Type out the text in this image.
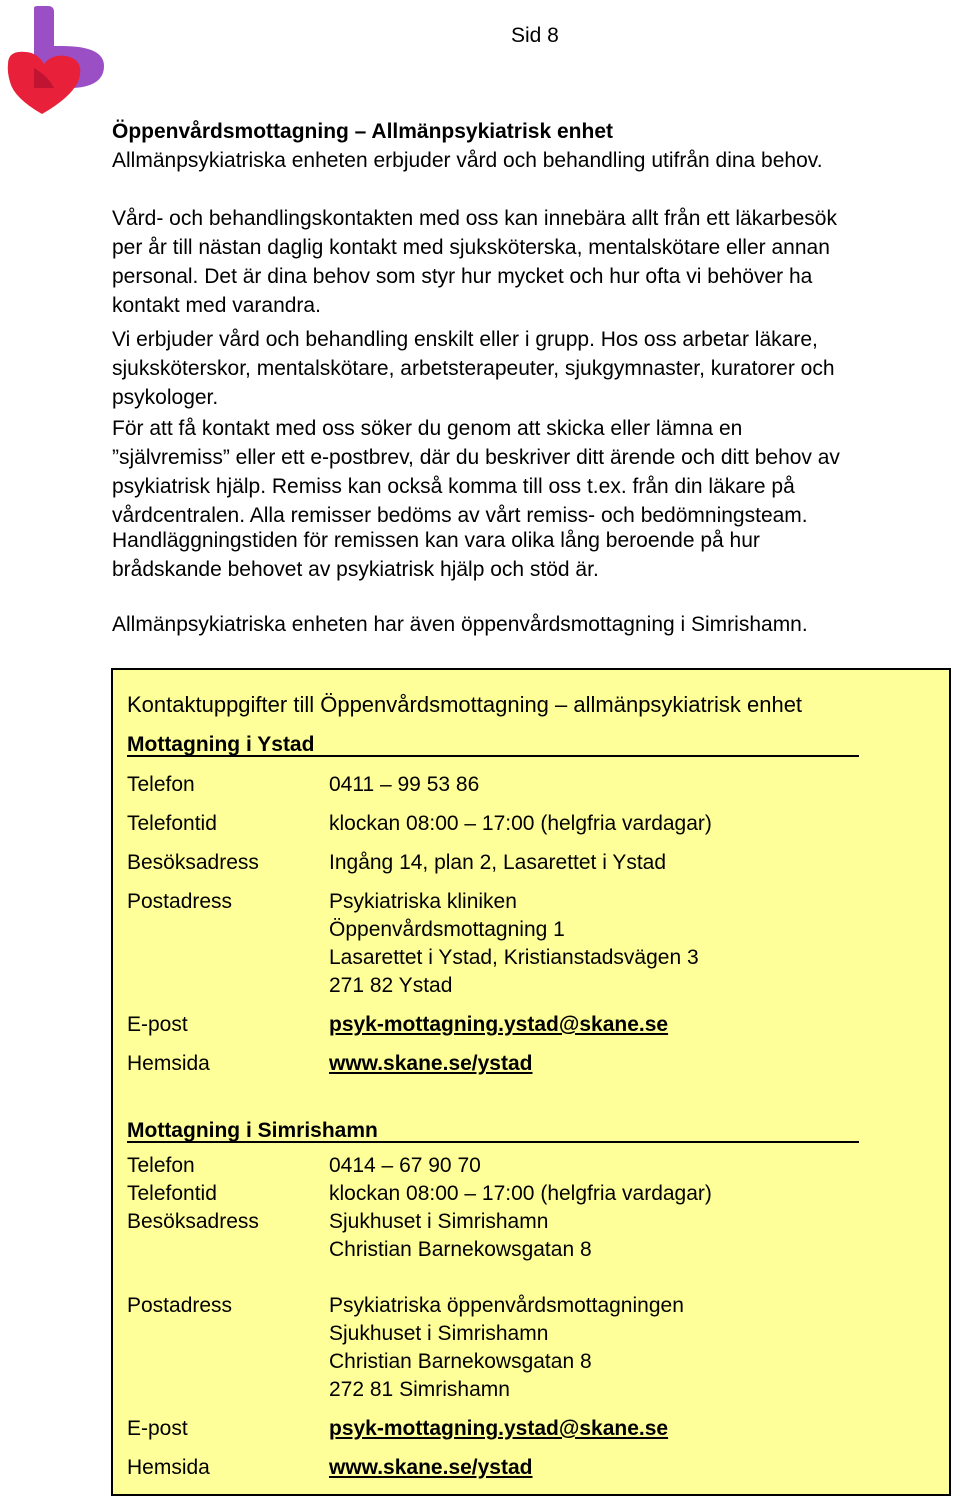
Sid 8
Öppenvårdsmottagning – Allmänpsykiatrisk enhet
Allmänpsykiatriska enheten erbjuder vård och behandling utifrån dina behov.
Vård- och behandlingskontakten med oss kan innebära allt från ett läkarbesök
per år till nästan daglig kontakt med sjuksköterska, mentalskötare eller annan
personal. Det är dina behov som styr hur mycket och hur ofta vi behöver ha
kontakt med varandra.
Vi erbjuder vård och behandling enskilt eller i grupp. Hos oss arbetar läkare,
sjuksköterskor, mentalskötare, arbetsterapeuter, sjukgymnaster, kuratorer och
psykologer.
För att få kontakt med oss söker du genom att skicka eller lämna en
”självremiss” eller ett e-postbrev, där du beskriver ditt ärende och ditt behov av
psykiatrisk hjälp. Remiss kan också komma till oss t.ex. från din läkare på
vårdcentralen. Alla remisser bedöms av vårt remiss- och bedömningsteam.
Handläggningstiden för remissen kan vara olika lång beroende på hur
brådskande behovet av psykiatrisk hjälp och stöd är.
Allmänpsykiatriska enheten har även öppenvårdsmottagning i Simrishamn.
Kontaktuppgifter till Öppenvårdsmottagning – allmänpsykiatrisk enhet
Mottagning i Ystad
Telefon	0411 – 99 53 86
Telefontid	klockan 08:00 – 17:00 (helgfria vardagar)
Besöksadress	Ingång 14, plan 2, Lasarettet i Ystad
Postadress	Psykiatriska kliniken
Öppenvårdsmottagning 1
Lasarettet i Ystad, Kristianstadsvägen 3
271 82 Ystad
E-post	psyk-mottagning.ystad@skane.se
Hemsida	www.skane.se/ystad
Mottagning i Simrishamn
Telefon	0414 – 67 90 70
Telefontid	klockan 08:00 – 17:00 (helgfria vardagar)
Besöksadress	Sjukhuset i Simrishamn
Christian Barnekowsgatan 8
Postadress	Psykiatriska öppenvårdsmottagningen
Sjukhuset i Simrishamn
Christian Barnekowsgatan 8
272 81 Simrishamn
E-post	psyk-mottagning.ystad@skane.se
Hemsida	www.skane.se/ystad
